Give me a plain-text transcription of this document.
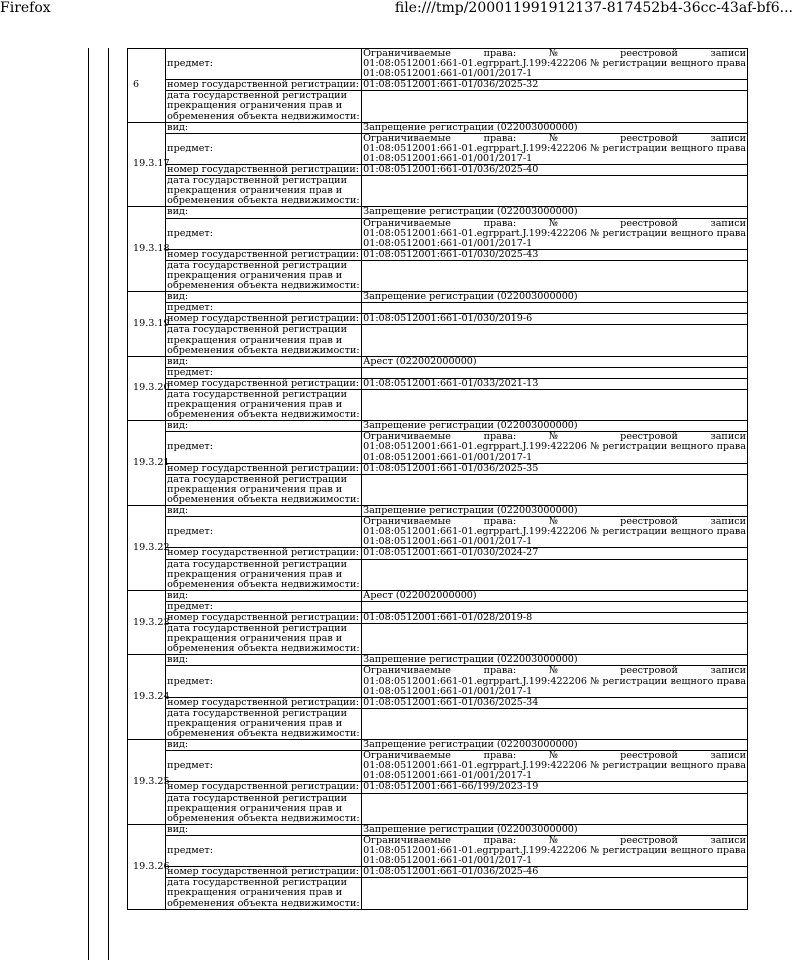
Firefox	file:///tmp/200011991912137-817452b4-36cc-43af-bf6...
6	предмет:	Ограничиваемые права: № реестровой записи
01:08:0512001:661-01.egrpрart.J.199:422206 № регистрации вещного права
01:08:0512001:661-01/001/2017-1
	номер государственной регистрации:	01:08:0512001:661-01/036/2025-32
	дата государственной регистрации прекращения ограничения прав и обременения объекта недвижимости:	
19.3.17	вид:	Запрещение регистрации (022003000000)
	предмет:	Ограничиваемые права: № реестровой записи
01:08:0512001:661-01.egrpрart.J.199:422206 № регистрации вещного права
01:08:0512001:661-01/001/2017-1
	номер государственной регистрации:	01:08:0512001:661-01/036/2025-40
	дата государственной регистрации прекращения ограничения прав и обременения объекта недвижимости:	
19.3.18	вид:	Запрещение регистрации (022003000000)
	предмет:	Ограничиваемые права: № реестровой записи
01:08:0512001:661-01.egrpрart.J.199:422206 № регистрации вещного права
01:08:0512001:661-01/001/2017-1
	номер государственной регистрации:	01:08:0512001:661-01/030/2025-43
	дата государственной регистрации прекращения ограничения прав и обременения объекта недвижимости:	
19.3.19	вид:	Запрещение регистрации (022003000000)
	предмет:	
	номер государственной регистрации:	01:08:0512001:661-01/030/2019-6
	дата государственной регистрации прекращения ограничения прав и обременения объекта недвижимости:	
19.3.20	вид:	Арест (022002000000)
	предмет:	
	номер государственной регистрации:	01:08:0512001:661-01/033/2021-13
	дата государственной регистрации прекращения ограничения прав и обременения объекта недвижимости:	
19.3.21	вид:	Запрещение регистрации (022003000000)
	предмет:	Ограничиваемые права: № реестровой записи
01:08:0512001:661-01.egrpрart.J.199:422206 № регистрации вещного права
01:08:0512001:661-01/001/2017-1
	номер государственной регистрации:	01:08:0512001:661-01/036/2025-35
	дата государственной регистрации прекращения ограничения прав и обременения объекта недвижимости:	
19.3.22	вид:	Запрещение регистрации (022003000000)
	предмет:	Ограничиваемые права: № реестровой записи
01:08:0512001:661-01.egrpрart.J.199:422206 № регистрации вещного права
01:08:0512001:661-01/001/2017-1
	номер государственной регистрации:	01:08:0512001:661-01/030/2024-27
	дата государственной регистрации прекращения ограничения прав и обременения объекта недвижимости:	
19.3.23	вид:	Арест (022002000000)
	предмет:	
	номер государственной регистрации:	01:08:0512001:661-01/028/2019-8
	дата государственной регистрации прекращения ограничения прав и обременения объекта недвижимости:	
19.3.24	вид:	Запрещение регистрации (022003000000)
	предмет:	Ограничиваемые права: № реестровой записи
01:08:0512001:661-01.egrpрart.J.199:422206 № регистрации вещного права
01:08:0512001:661-01/001/2017-1
	номер государственной регистрации:	01:08:0512001:661-01/036/2025-34
	дата государственной регистрации прекращения ограничения прав и обременения объекта недвижимости:	
19.3.25	вид:	Запрещение регистрации (022003000000)
	предмет:	Ограничиваемые права: № реестровой записи
01:08:0512001:661-01.egrpрart.J.199:422206 № регистрации вещного права
01:08:0512001:661-01/001/2017-1
	номер государственной регистрации:	01:08:0512001:661-66/199/2023-19
	дата государственной регистрации прекращения ограничения прав и обременения объекта недвижимости:	
19.3.26	вид:	Запрещение регистрации (022003000000)
	предмет:	Ограничиваемые права: № реестровой записи
01:08:0512001:661-01.egrpрart.J.199:422206 № регистрации вещного права
01:08:0512001:661-01/001/2017-1
	номер государственной регистрации:	01:08:0512001:661-01/036/2025-46
	дата государственной регистрации прекращения ограничения прав и обременения объекта недвижимости:	
